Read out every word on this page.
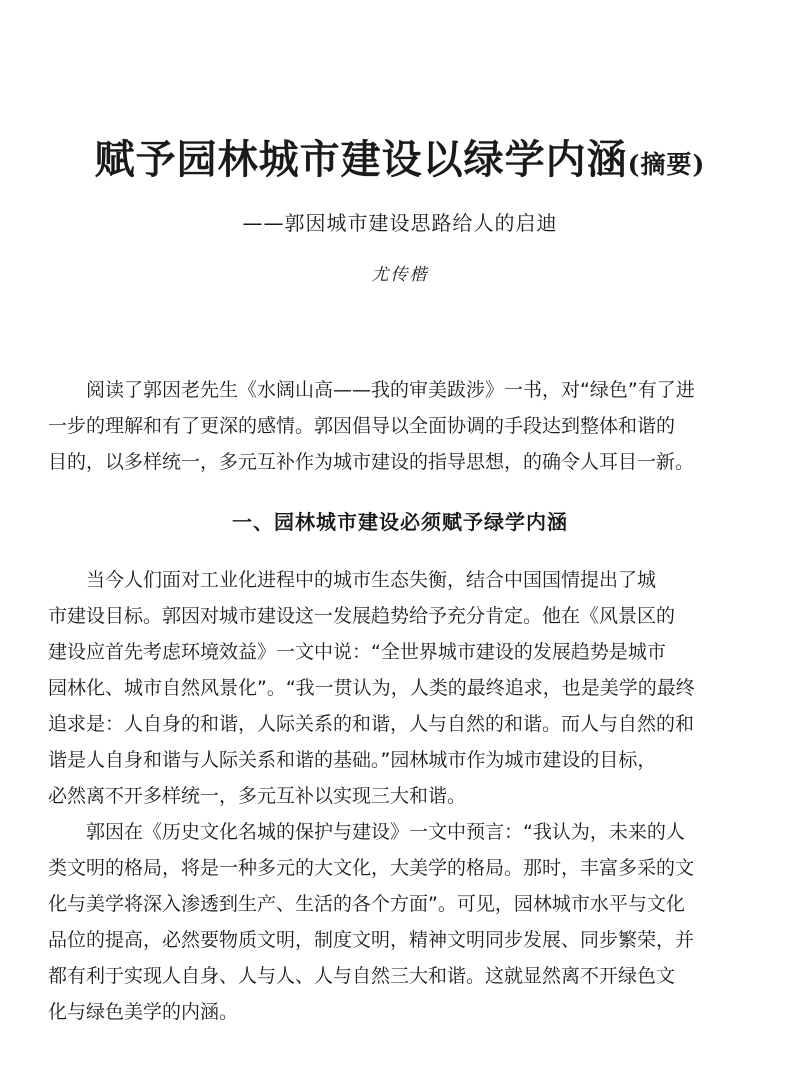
赋予园林城市建设以绿学内涵(摘要)
——郭因城市建设思路给人的启迪
尤传楷
　　阅读了郭因老先生《水阔山高——我的审美跋涉》一书，对“绿色”有了进
一步的理解和有了更深的感情。郭因倡导以全面协调的手段达到整体和谐的
目的，以多样统一，多元互补作为城市建设的指导思想，的确令人耳目一新。
一、园林城市建设必须赋予绿学内涵
　　当今人们面对工业化进程中的城市生态失衡，结合中国国情提出了城
市建设目标。郭因对城市建设这一发展趋势给予充分肯定。他在《风景区的
建设应首先考虑环境效益》一文中说：“全世界城市建设的发展趋势是城市
园林化、城市自然风景化”。“我一贯认为，人类的最终追求，也是美学的最终
追求是：人自身的和谐，人际关系的和谐，人与自然的和谐。而人与自然的和
谐是人自身和谐与人际关系和谐的基础。”园林城市作为城市建设的目标，
必然离不开多样统一，多元互补以实现三大和谐。
　　郭因在《历史文化名城的保护与建设》一文中预言：“我认为，未来的人
类文明的格局，将是一种多元的大文化，大美学的格局。那时，丰富多采的文
化与美学将深入渗透到生产、生活的各个方面”。可见，园林城市水平与文化
品位的提高，必然要物质文明，制度文明，精神文明同步发展、同步繁荣，并
都有利于实现人自身、人与人、人与自然三大和谐。这就显然离不开绿色文
化与绿色美学的内涵。
